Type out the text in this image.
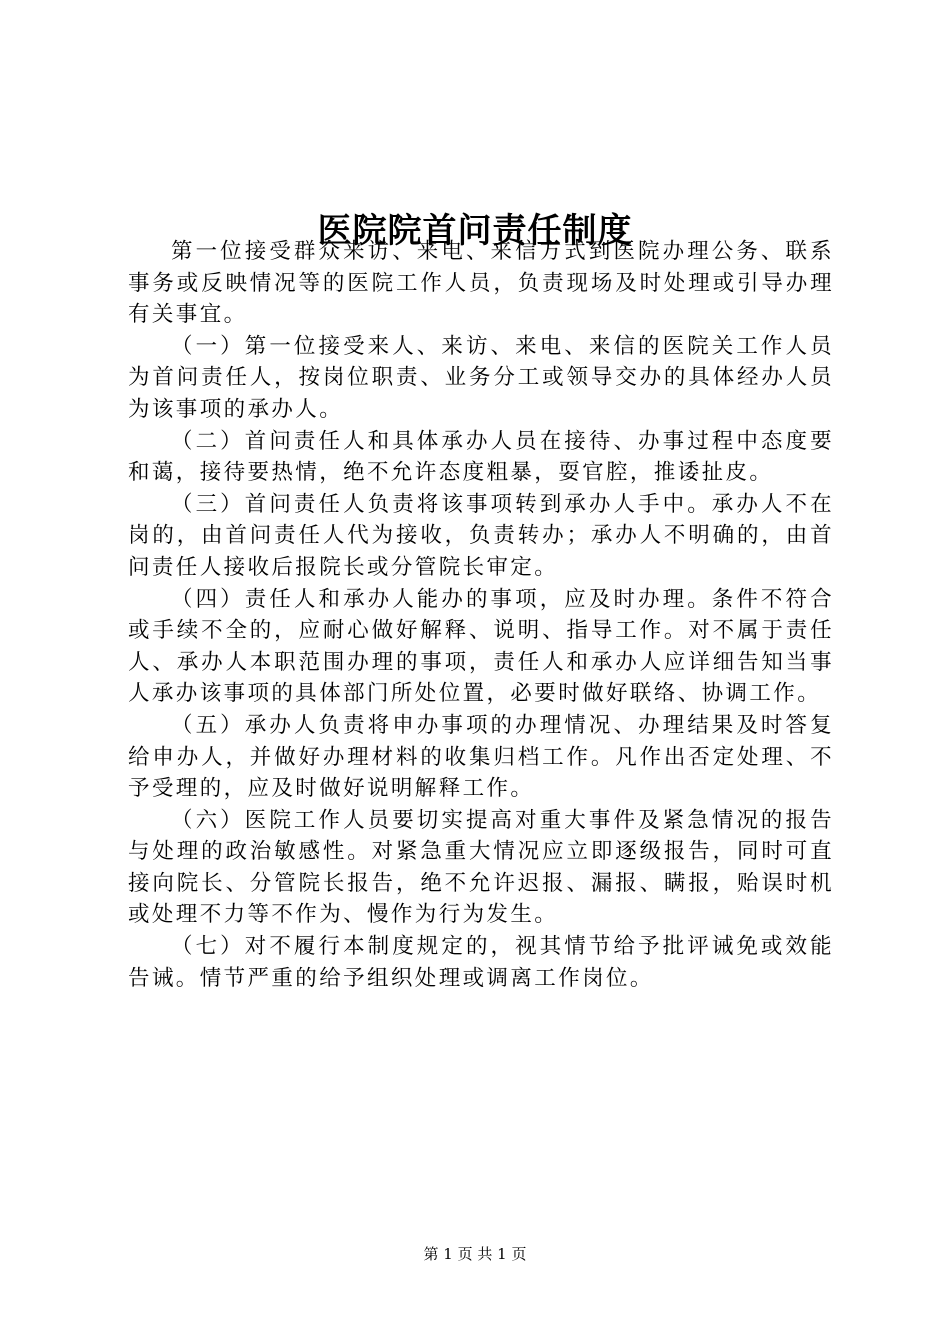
医院院首问责任制度

第一位接受群众来访、来电、来信方式到医院办理公务、联系事务或反映情况等的医院工作人员，负责现场及时处理或引导办理有关事宜。

（一）第一位接受来人、来访、来电、来信的医院关工作人员为首问责任人，按岗位职责、业务分工或领导交办的具体经办人员为该事项的承办人。

（二）首问责任人和具体承办人员在接待、办事过程中态度要和蔼，接待要热情，绝不允许态度粗暴，耍官腔，推诿扯皮。

（三）首问责任人负责将该事项转到承办人手中。承办人不在岗的，由首问责任人代为接收，负责转办；承办人不明确的，由首问责任人接收后报院长或分管院长审定。

（四）责任人和承办人能办的事项，应及时办理。条件不符合或手续不全的，应耐心做好解释、说明、指导工作。对不属于责任人、承办人本职范围办理的事项，责任人和承办人应详细告知当事人承办该事项的具体部门所处位置，必要时做好联络、协调工作。

（五）承办人负责将申办事项的办理情况、办理结果及时答复给申办人，并做好办理材料的收集归档工作。凡作出否定处理、不予受理的，应及时做好说明解释工作。

（六）医院工作人员要切实提高对重大事件及紧急情况的报告与处理的政治敏感性。对紧急重大情况应立即逐级报告，同时可直接向院长、分管院长报告，绝不允许迟报、漏报、瞒报，贻误时机或处理不力等不作为、慢作为行为发生。

（七）对不履行本制度规定的，视其情节给予批评诫免或效能告诫。情节严重的给予组织处理或调离工作岗位。

第 1 页 共 1 页
